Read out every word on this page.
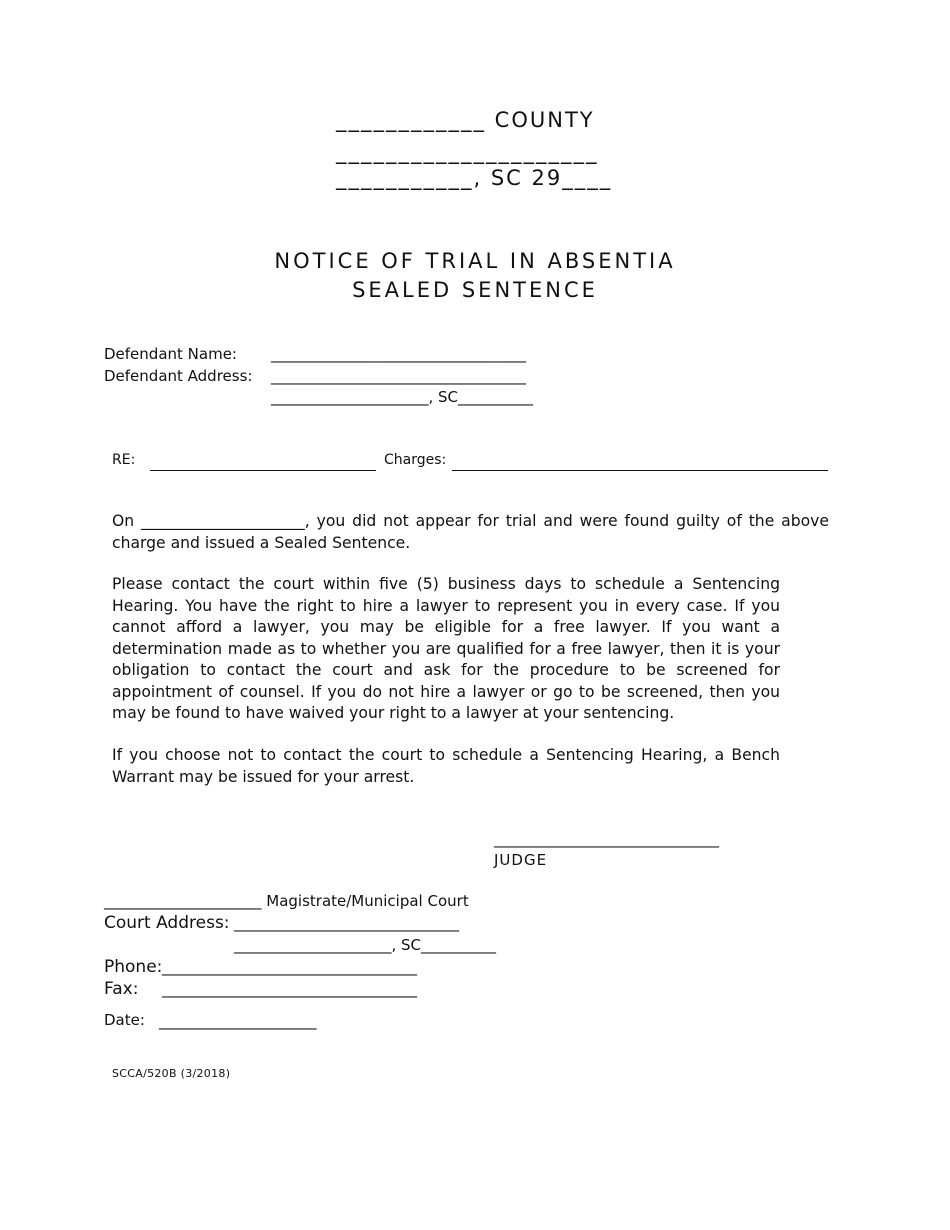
____________ COUNTY
_____________________
___________, SC 29____
NOTICE OF TRIAL IN ABSENTIA
SEALED SENTENCE
Defendant Name: __________________________________
Defendant Address: __________________________________
_____________________, SC__________
RE:	Charges:
On _____________________, you did not appear for trial and were found guilty of the above charge and issued a Sealed Sentence.
Please contact the court within five (5) business days to schedule a Sentencing Hearing. You have the right to hire a lawyer to represent you in every case. If you cannot afford a lawyer, you may be eligible for a free lawyer. If you want a determination made as to whether you are qualified for a free lawyer, then it is your obligation to contact the court and ask for the procedure to be screened for appointment of counsel. If you do not hire a lawyer or go to be screened, then you may be found to have waived your right to a lawyer at your sentencing.
If you choose not to contact the court to schedule a Sentencing Hearing, a Bench Warrant may be issued for your arrest.
______________________________
JUDGE
_____________________ Magistrate/Municipal Court
Court Address: ______________________________
_____________________, SC__________
Phone: __________________________________
Fax: __________________________________
Date: _____________________
SCCA/520B (3/2018)
